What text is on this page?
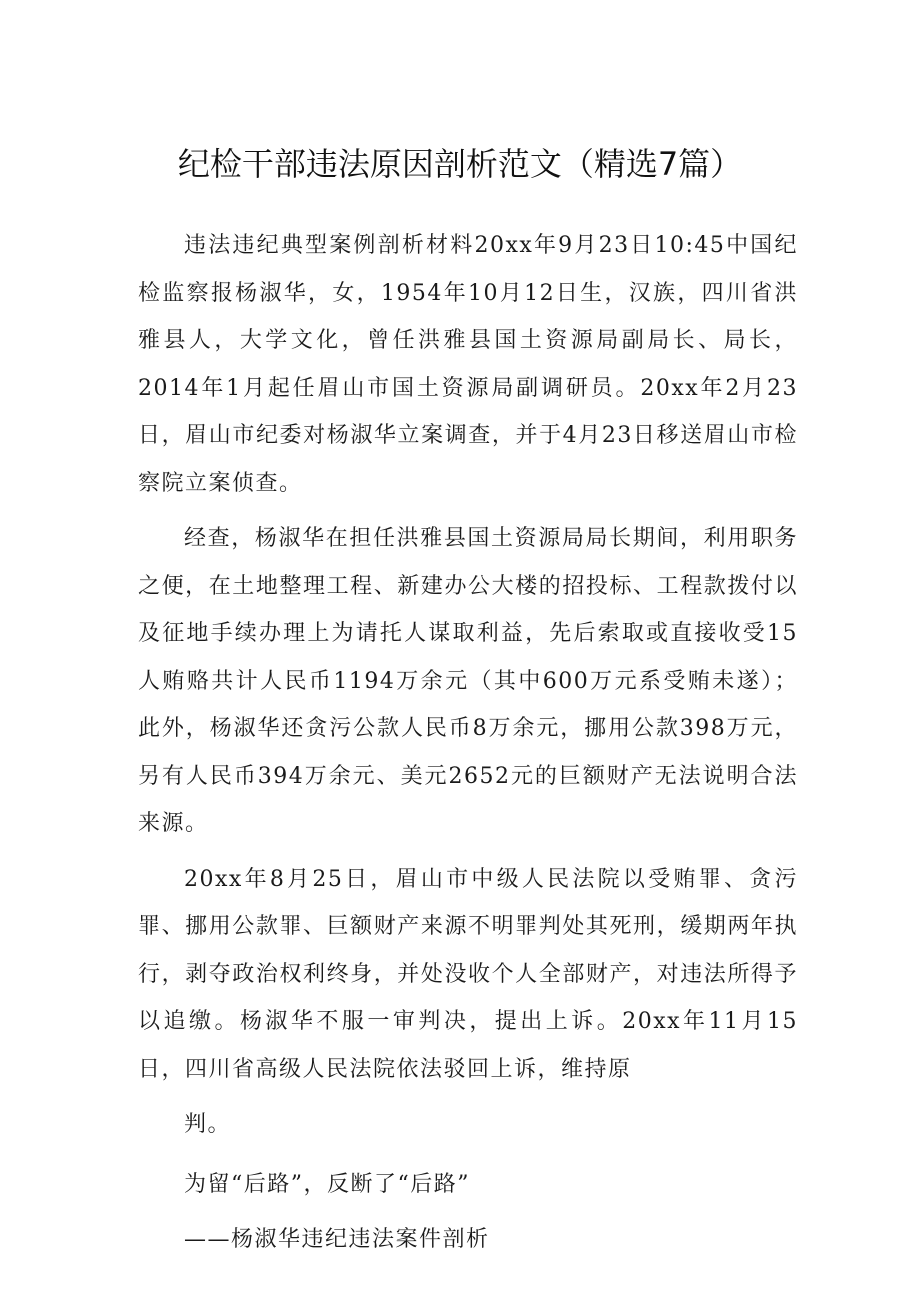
纪检干部违法原因剖析范文（精选7篇）

违法违纪典型案例剖析材料20xx年9月23日10:45中国纪检监察报杨淑华，女，1954年10月12日生，汉族，四川省洪雅县人，大学文化，曾任洪雅县国土资源局副局长、局长，2014年1月起任眉山市国土资源局副调研员。20xx年2月23日，眉山市纪委对杨淑华立案调查，并于4月23日移送眉山市检察院立案侦查。

经查，杨淑华在担任洪雅县国土资源局局长期间，利用职务之便，在土地整理工程、新建办公大楼的招投标、工程款拨付以及征地手续办理上为请托人谋取利益，先后索取或直接收受15人贿赂共计人民币1194万余元（其中600万元系受贿未遂）；此外，杨淑华还贪污公款人民币8万余元，挪用公款398万元，另有人民币394万余元、美元2652元的巨额财产无法说明合法来源。

20xx年8月25日，眉山市中级人民法院以受贿罪、贪污罪、挪用公款罪、巨额财产来源不明罪判处其死刑，缓期两年执行，剥夺政治权利终身，并处没收个人全部财产，对违法所得予以追缴。杨淑华不服一审判决，提出上诉。20xx年11月15日，四川省高级人民法院依法驳回上诉，维持原

判。

为留“后路”，反断了“后路”

——杨淑华违纪违法案件剖析
